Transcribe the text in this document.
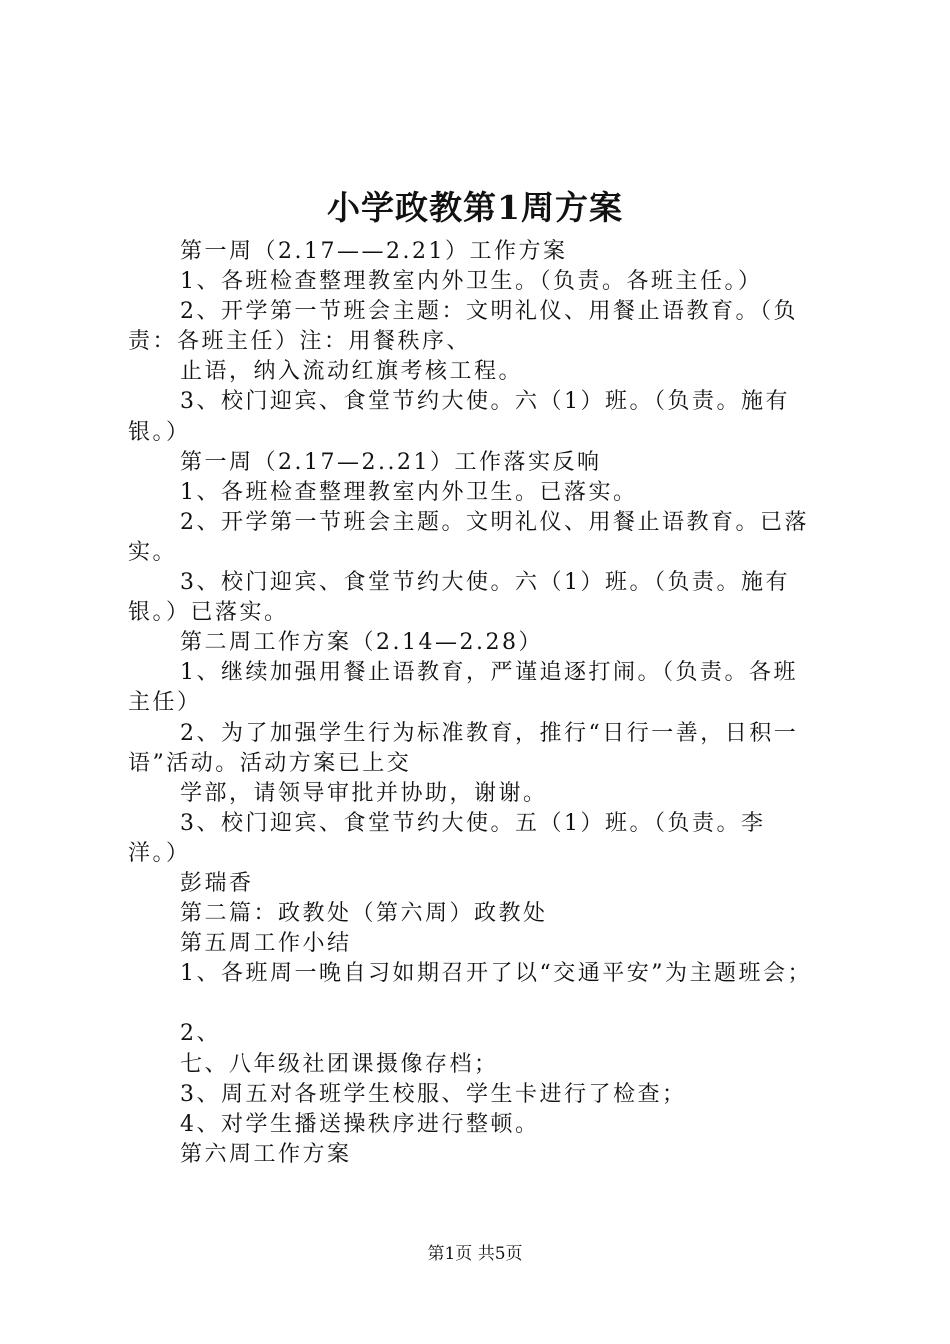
小学政教第1周方案
第一周（2.17——2.21）工作方案
1、各班检查整理教室内外卫生。（负责。各班主任。）
2、开学第一节班会主题：文明礼仪、用餐止语教育。（负
责：各班主任）注：用餐秩序、
止语，纳入流动红旗考核工程。
3、校门迎宾、食堂节约大使。六（1）班。（负责。施有
银。）
第一周（2.17—2..21）工作落实反响
1、各班检查整理教室内外卫生。已落实。
2、开学第一节班会主题。文明礼仪、用餐止语教育。已落
实。
3、校门迎宾、食堂节约大使。六（1）班。（负责。施有
银。）已落实。
第二周工作方案（2.14—2.28）
1、继续加强用餐止语教育，严谨追逐打闹。（负责。各班
主任）
2、为了加强学生行为标准教育，推行“日行一善，日积一
语”活动。活动方案已上交
学部，请领导审批并协助，谢谢。
3、校门迎宾、食堂节约大使。五（1）班。（负责。李
洋。）
彭瑞香
第二篇：政教处（第六周）政教处
第五周工作小结
1、各班周一晚自习如期召开了以“交通平安”为主题班会；
2、
七、八年级社团课摄像存档；
3、周五对各班学生校服、学生卡进行了检查；
4、对学生播送操秩序进行整顿。
第六周工作方案
第1页 共5页
